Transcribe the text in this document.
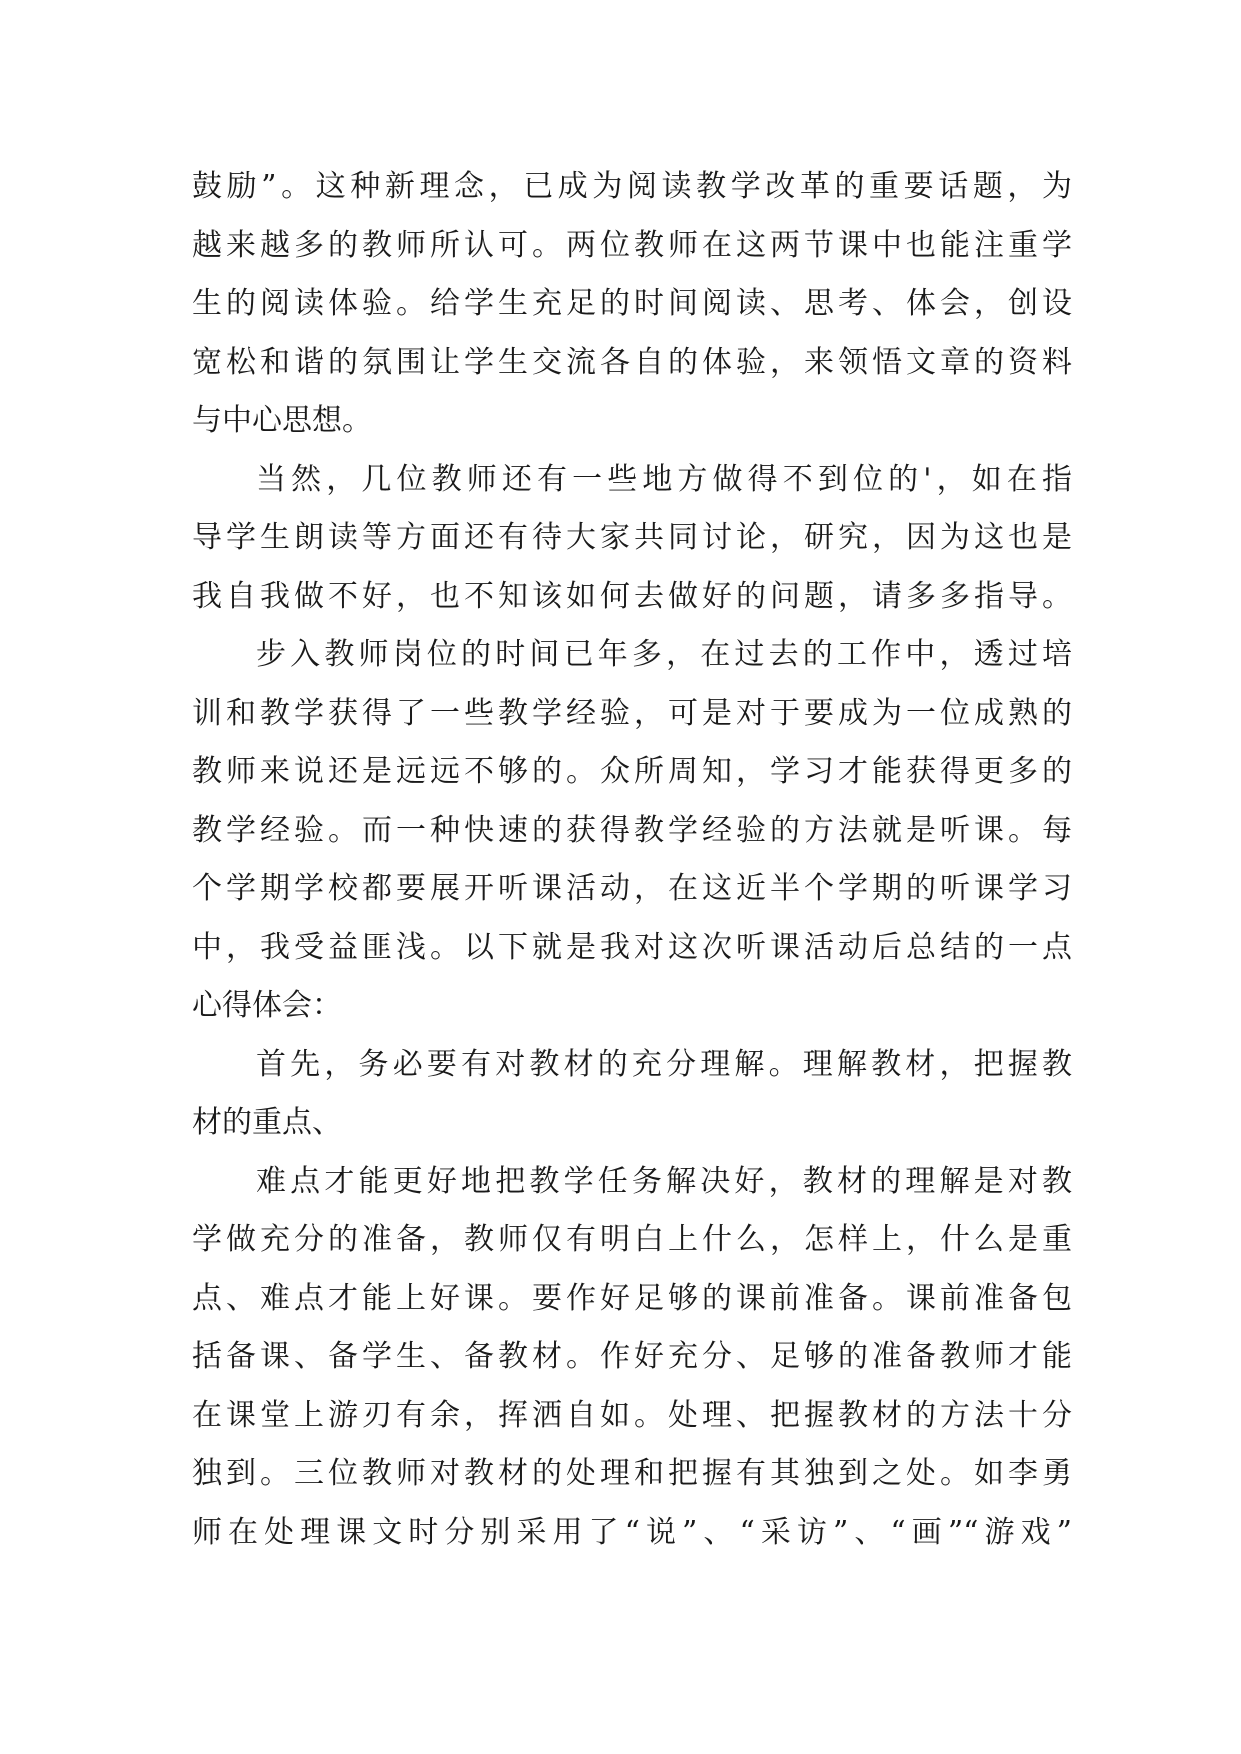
鼓励”。这种新理念，已成为阅读教学改革的重要话题，为
越来越多的教师所认可。两位教师在这两节课中也能注重学
生的阅读体验。给学生充足的时间阅读、思考、体会，创设
宽松和谐的氛围让学生交流各自的体验，来领悟文章的资料
与中心思想。
当然，几位教师还有一些地方做得不到位的'，如在指
导学生朗读等方面还有待大家共同讨论，研究，因为这也是
我自我做不好，也不知该如何去做好的问题，请多多指导。
步入教师岗位的时间已年多，在过去的工作中，透过培
训和教学获得了一些教学经验，可是对于要成为一位成熟的
教师来说还是远远不够的。众所周知，学习才能获得更多的
教学经验。而一种快速的获得教学经验的方法就是听课。每
个学期学校都要展开听课活动，在这近半个学期的听课学习
中，我受益匪浅。以下就是我对这次听课活动后总结的一点
心得体会：
首先，务必要有对教材的充分理解。理解教材，把握教
材的重点、
难点才能更好地把教学任务解决好，教材的理解是对教
学做充分的准备，教师仅有明白上什么，怎样上，什么是重
点、难点才能上好课。要作好足够的课前准备。课前准备包
括备课、备学生、备教材。作好充分、足够的准备教师才能
在课堂上游刃有余，挥洒自如。处理、把握教材的方法十分
独到。三位教师对教材的处理和把握有其独到之处。如李勇
师在处理课文时分别采用了“说”、“采访”、“画”“游戏”
